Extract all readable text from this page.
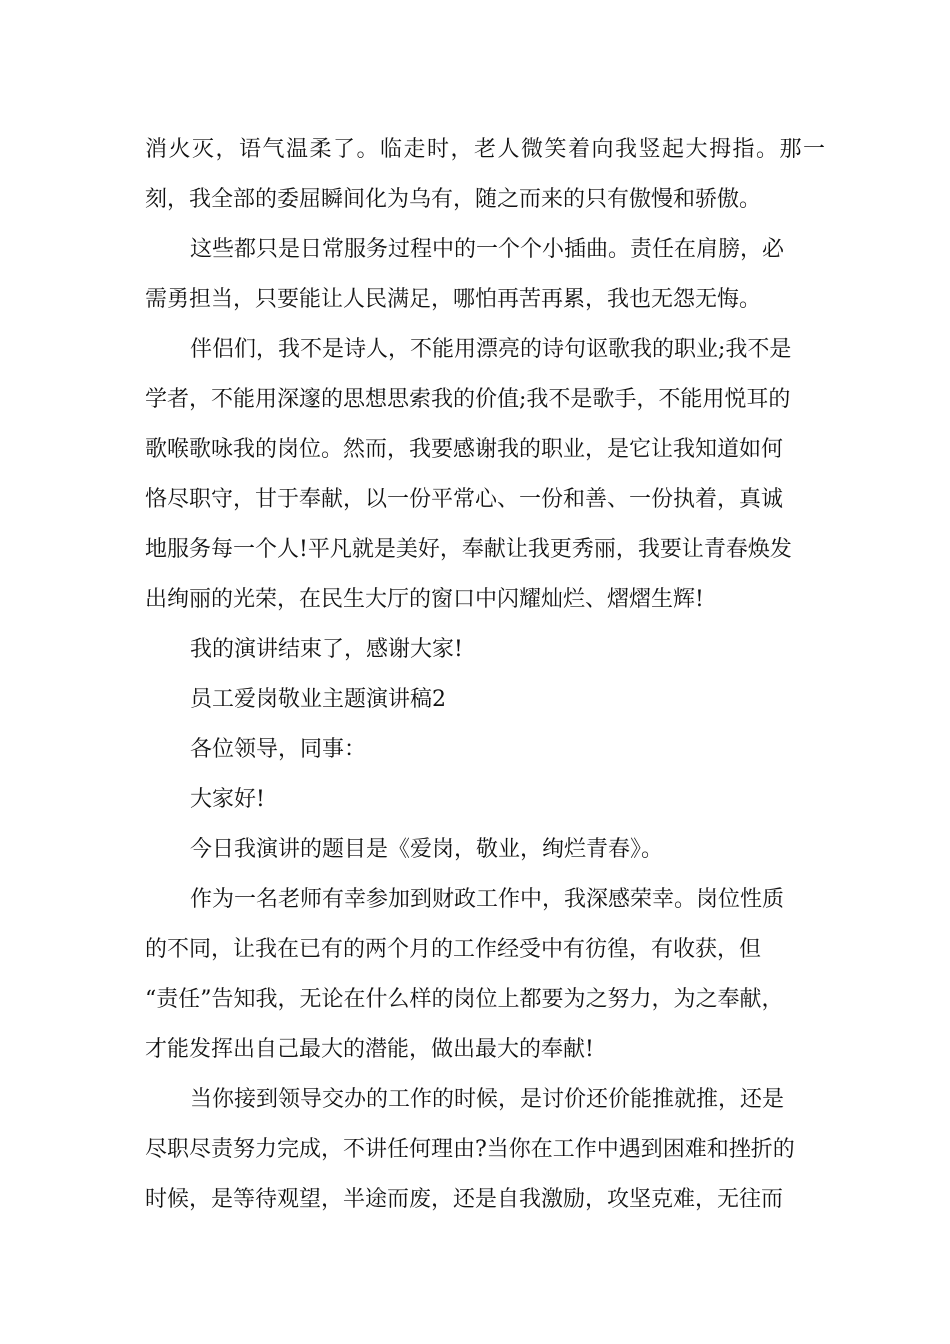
消火灭，语气温柔了。临走时，老人微笑着向我竖起大拇指。那一
刻，我全部的委屈瞬间化为乌有，随之而来的只有傲慢和骄傲。
这些都只是日常服务过程中的一个个小插曲。责任在肩膀，必
需勇担当，只要能让人民满足，哪怕再苦再累，我也无怨无悔。
伴侣们，我不是诗人，不能用漂亮的诗句讴歌我的职业;我不是
学者，不能用深邃的思想思索我的价值;我不是歌手，不能用悦耳的
歌喉歌咏我的岗位。然而，我要感谢我的职业，是它让我知道如何
恪尽职守，甘于奉献，以一份平常心、一份和善、一份执着，真诚
地服务每一个人!平凡就是美好，奉献让我更秀丽，我要让青春焕发
出绚丽的光荣，在民生大厅的窗口中闪耀灿烂、熠熠生辉!
我的演讲结束了，感谢大家!
员工爱岗敬业主题演讲稿2
各位领导，同事：
大家好!
今日我演讲的题目是《爱岗，敬业，绚烂青春》。
作为一名老师有幸参加到财政工作中，我深感荣幸。岗位性质
的不同，让我在已有的两个月的工作经受中有彷徨，有收获，但
“责任”告知我，无论在什么样的岗位上都要为之努力，为之奉献，
才能发挥出自己最大的潜能，做出最大的奉献!
当你接到领导交办的工作的时候，是讨价还价能推就推，还是
尽职尽责努力完成，不讲任何理由?当你在工作中遇到困难和挫折的
时候，是等待观望，半途而废，还是自我激励，攻坚克难，无往而
